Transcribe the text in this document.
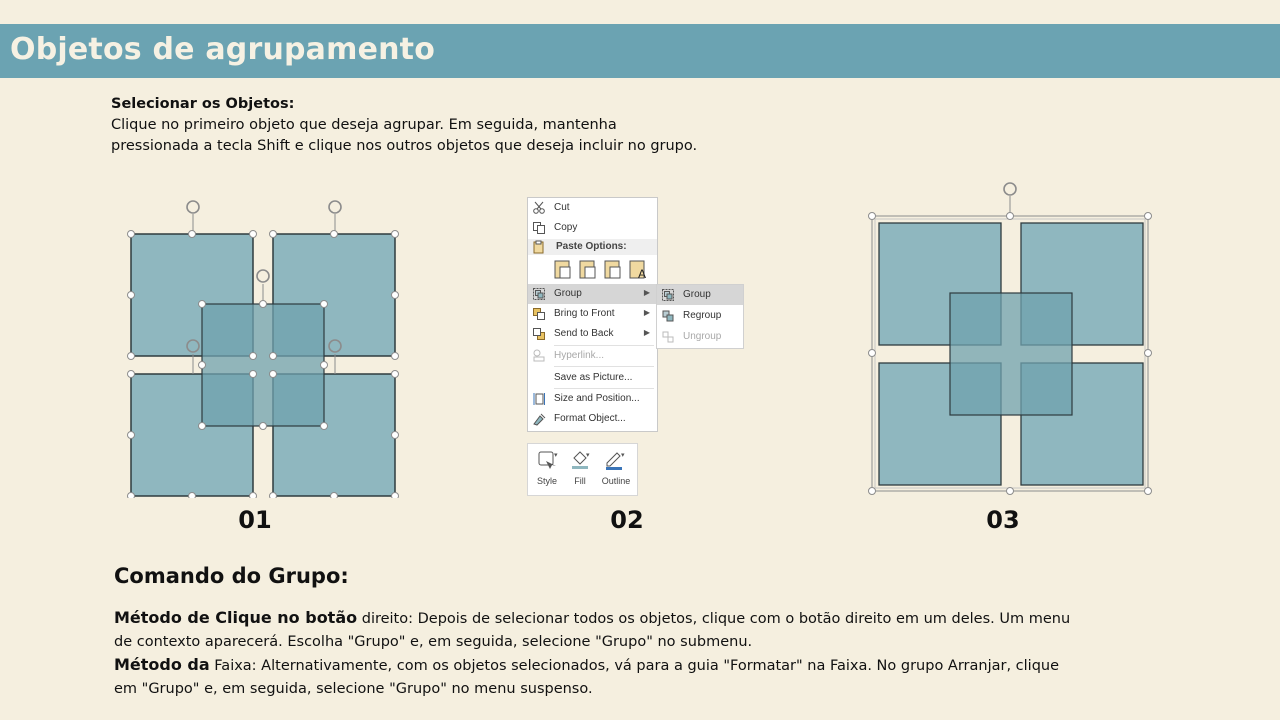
Objetos de agrupamento
Selecionar os Objetos:
Clique no primeiro objeto que deseja agrupar. Em seguida, mantenha
pressionada a tecla Shift e clique nos outros objetos que deseja incluir no grupo.
01
Cut
Copy
Paste Options:
A
Group	▶
Bring to Front	▶
Send to Back	▶
Hyperlink...
Save as Picture...
Size and Position...
Format Object...
Group
Regroup
Ungroup
▾
Style
▾
Fill
▾
Outline
02	03
Comando do Grupo:
Método de Clique no botão direito: Depois de selecionar todos os objetos, clique com o botão direito em um deles. Um menu de contexto aparecerá. Escolha "Grupo" e, em seguida, selecione "Grupo" no submenu.
Método da Faixa: Alternativamente, com os objetos selecionados, vá para a guia "Formatar" na Faixa. No grupo Arranjar, clique em "Grupo" e, em seguida, selecione "Grupo" no menu suspenso.
